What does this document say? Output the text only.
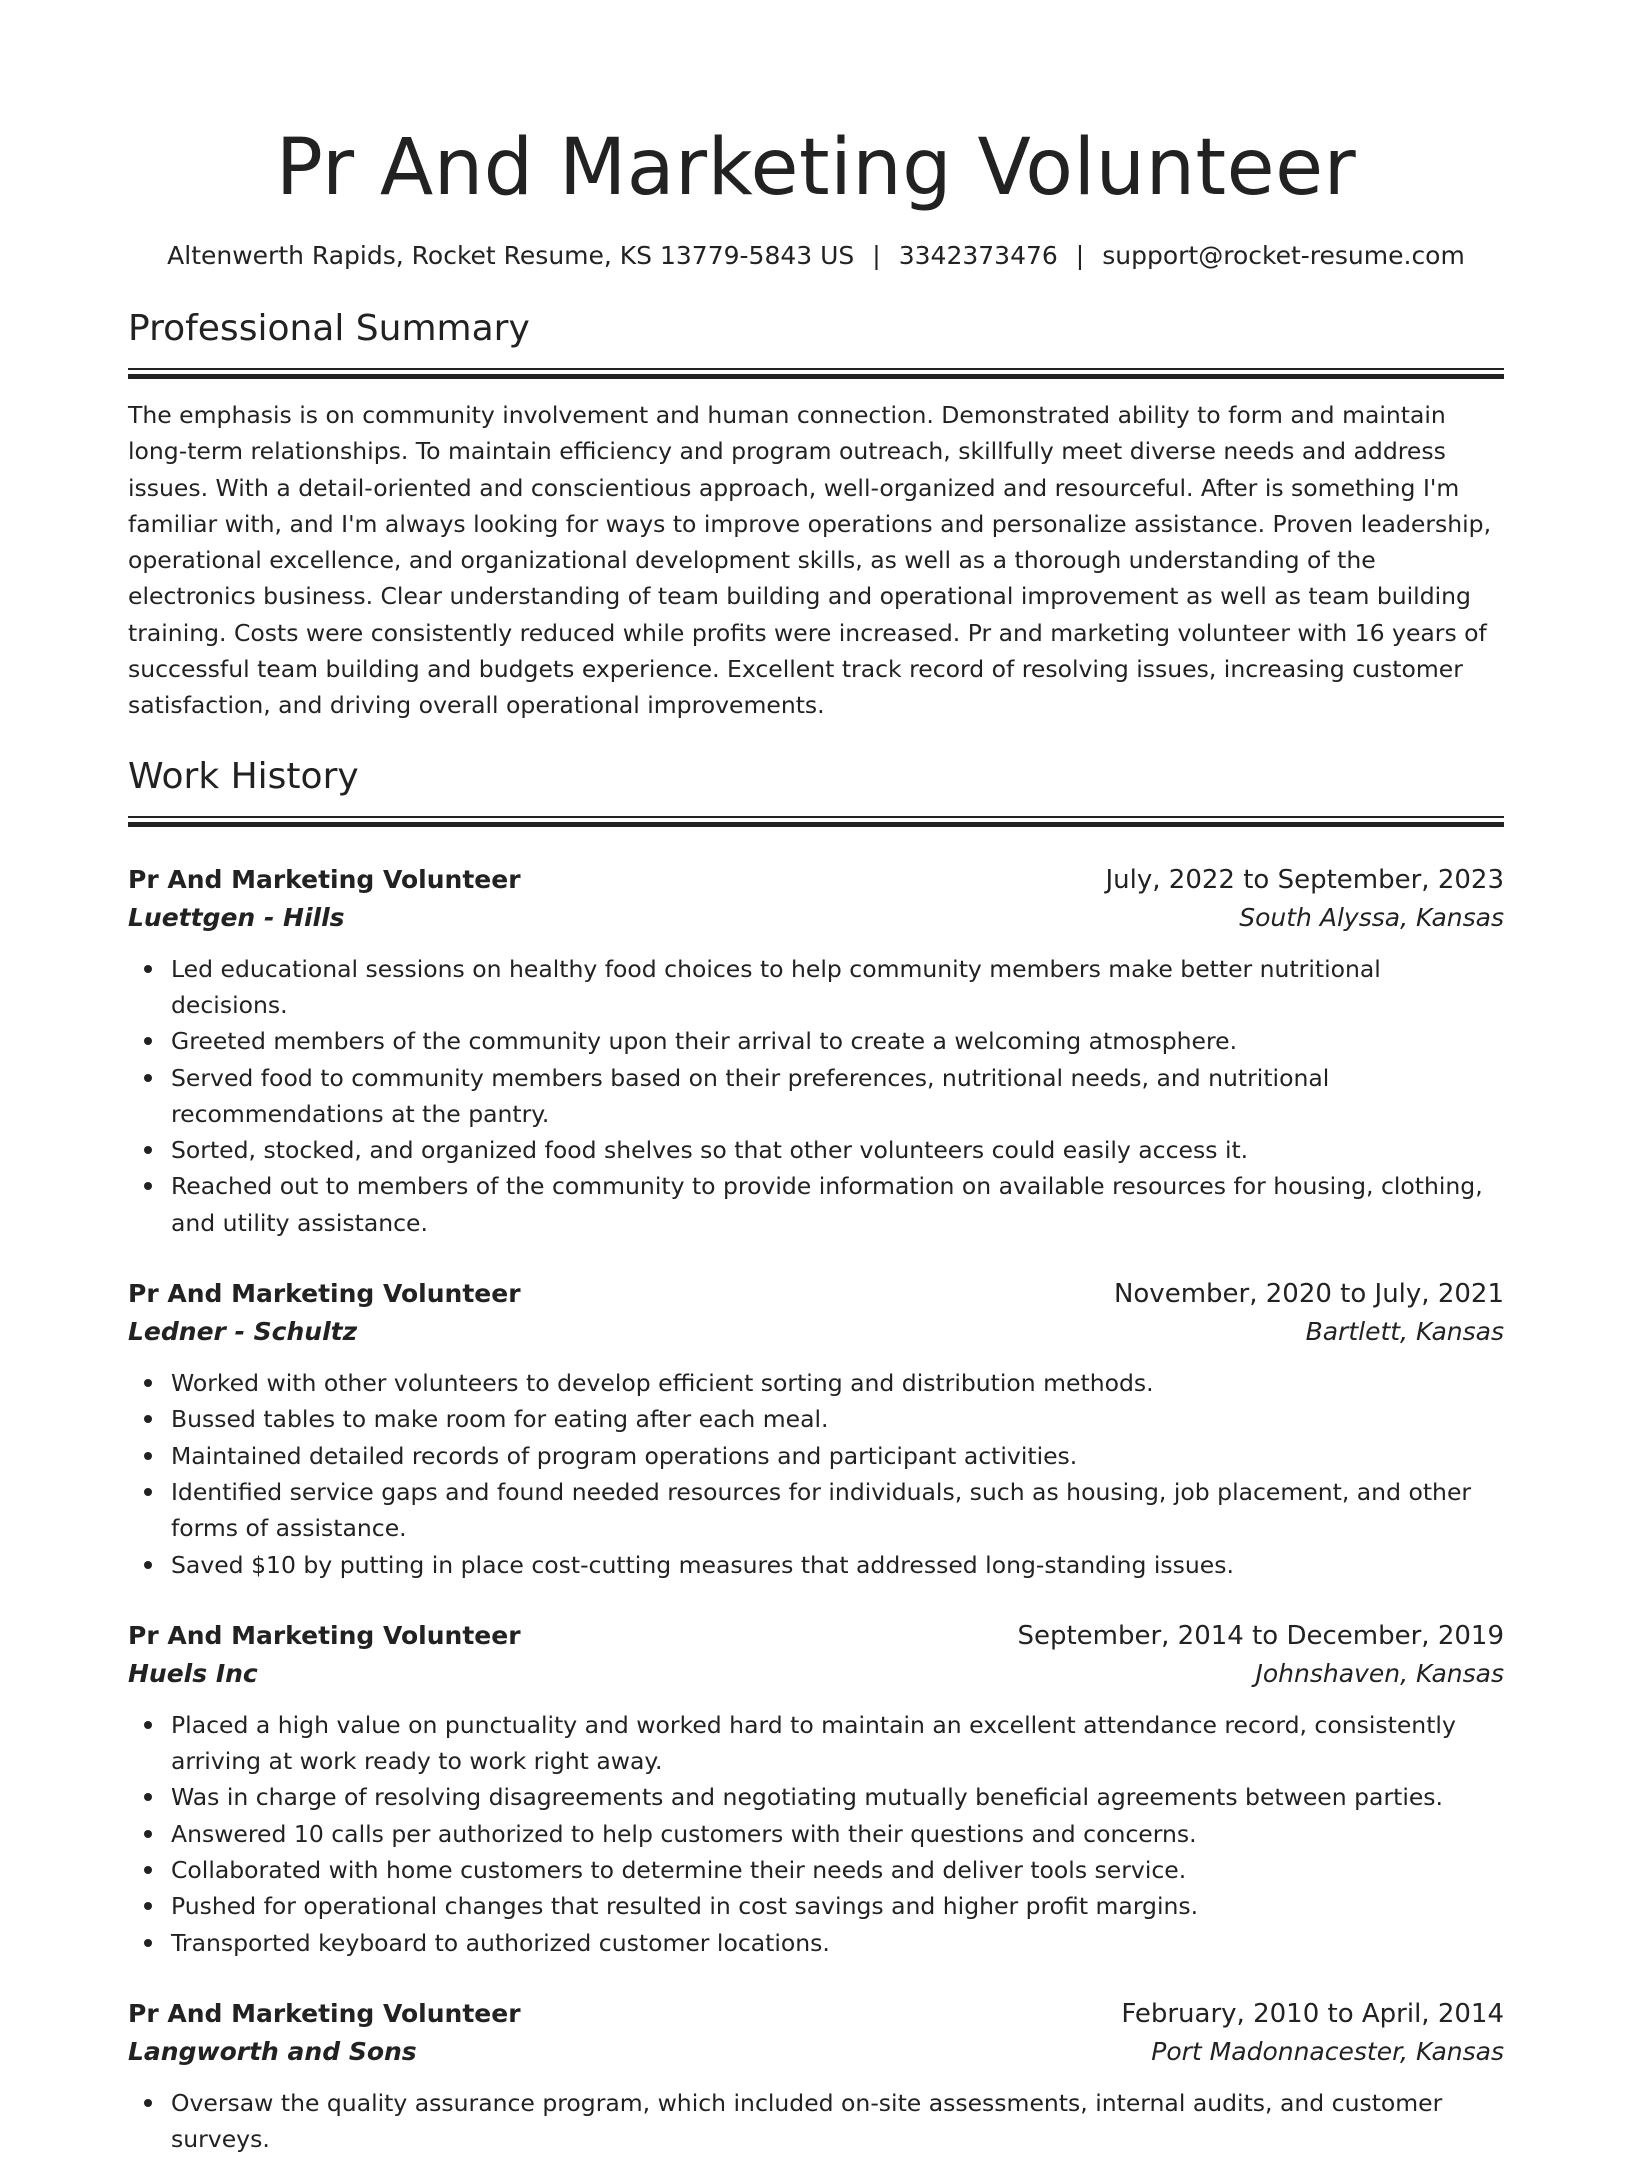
Pr And Marketing Volunteer
Altenwerth Rapids, Rocket Resume, KS 13779-5843 US | 3342373476 | support@rocket-resume.com
Professional Summary

The emphasis is on community involvement and human connection. Demonstrated ability to form and maintain long-term relationships. To maintain efficiency and program outreach, skillfully meet diverse needs and address issues. With a detail-oriented and conscientious approach, well-organized and resourceful. After is something I'm familiar with, and I'm always looking for ways to improve operations and personalize assistance. Proven leadership, operational excellence, and organizational development skills, as well as a thorough understanding of the electronics business. Clear understanding of team building and operational improvement as well as team building training. Costs were consistently reduced while profits were increased. Pr and marketing volunteer with 16 years of successful team building and budgets experience. Excellent track record of resolving issues, increasing customer satisfaction, and driving overall operational improvements.

Work History
Pr And Marketing Volunteer	July, 2022 to September, 2023
Luettgen - Hills	South Alyssa, Kansas
Led educational sessions on healthy food choices to help community members make better nutritional decisions.
Greeted members of the community upon their arrival to create a welcoming atmosphere.
Served food to community members based on their preferences, nutritional needs, and nutritional recommendations at the pantry.
Sorted, stocked, and organized food shelves so that other volunteers could easily access it.
Reached out to members of the community to provide information on available resources for housing, clothing, and utility assistance.
Pr And Marketing Volunteer	November, 2020 to July, 2021
Ledner - Schultz	Bartlett, Kansas
Worked with other volunteers to develop efficient sorting and distribution methods.
Bussed tables to make room for eating after each meal.
Maintained detailed records of program operations and participant activities.
Identified service gaps and found needed resources for individuals, such as housing, job placement, and other forms of assistance.
Saved $10 by putting in place cost-cutting measures that addressed long-standing issues.
Pr And Marketing Volunteer	September, 2014 to December, 2019
Huels Inc	Johnshaven, Kansas
Placed a high value on punctuality and worked hard to maintain an excellent attendance record, consistently arriving at work ready to work right away.
Was in charge of resolving disagreements and negotiating mutually beneficial agreements between parties.
Answered 10 calls per authorized to help customers with their questions and concerns.
Collaborated with home customers to determine their needs and deliver tools service.
Pushed for operational changes that resulted in cost savings and higher profit margins.
Transported keyboard to authorized customer locations.
Pr And Marketing Volunteer	February, 2010 to April, 2014
Langworth and Sons	Port Madonnacester, Kansas
Oversaw the quality assurance program, which included on-site assessments, internal audits, and customer surveys.
